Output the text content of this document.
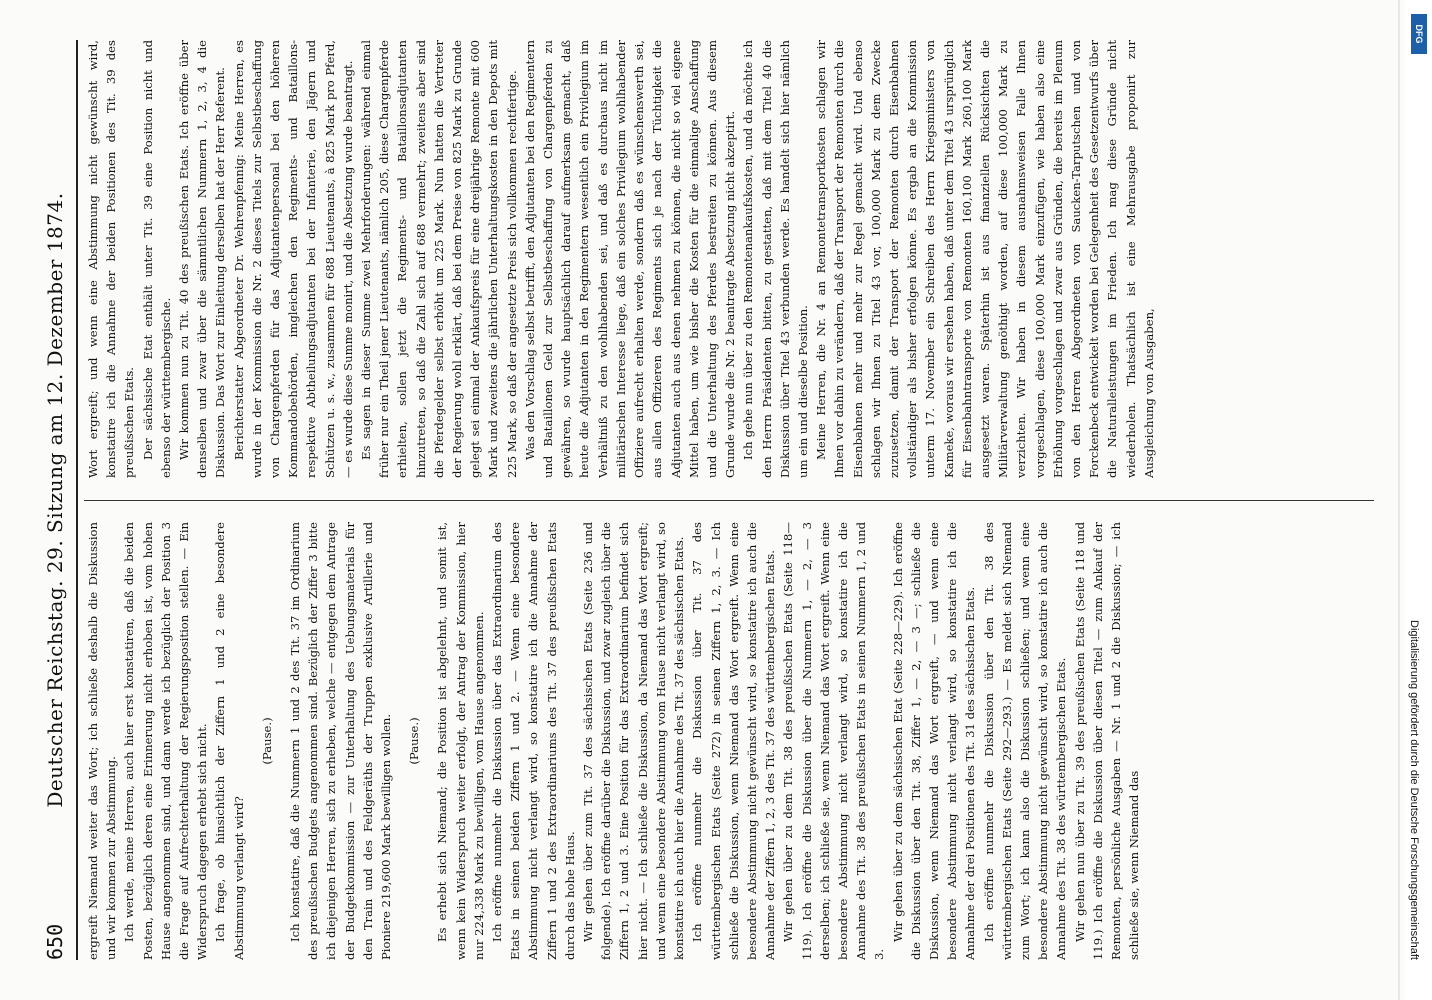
650
Deutscher Reichstag. 29. Sitzung am 12. Dezember 1874.	ergreift Niemand weiter das Wort; ich schließe deshalb die Diskussion und wir kommen zur Abstimmung. Ich werde, meine Herren, auch hier erst konstatiren, daß die beiden Posten, bezüglich deren eine Erinnerung nicht erhoben ist, vom hohen Hause angenommen sind, und dann werde ich bezüglich der Position 3 die Frage auf Aufrechterhaltung der Regierungsposition stellen. — Ein Widerspruch dagegen erhebt sich nicht. Ich frage, ob hinsichtlich der Ziffern 1 und 2 eine besondere Abstimmung verlangt wird?

(Pause.) Ich konstatire, daß die Nummern 1 und 2 des Tit. 37 im Ordinarium des preußischen Budgets angenommen sind. Bezüglich der Ziffer 3 bitte ich diejenigen Herren, sich zu erheben, welche — entgegen dem Antrage der Budgetkommission — zur Unterhaltung des Uebungsmaterials für den Train und des Feldgeräths der Truppen exklusive Artillerie und Pioniere 219,600 Mark bewilligen wollen. (Pause.) Es erhebt sich Niemand; die Position ist abgelehnt, und somit ist, wenn kein Widerspruch weiter erfolgt, der Antrag der Kommission, hier nur 224,338 Mark zu bewilligen, vom Hause angenommen. Ich eröffne nunmehr die Diskussion über das Extraordinarium des Etats in seinen beiden Ziffern 1 und 2. — Wenn eine besondere Abstimmung nicht verlangt wird, so konstatire ich die Annahme der Ziffern 1 und 2 des Extraordinariums des Tit. 37 des preußischen Etats durch das hohe Haus. Wir gehen über zum Tit. 37 des sächsischen Etats (Seite 236 und folgende). Ich eröffne darüber die Diskussion, und zwar zugleich über die Ziffern 1, 2 und 3. Eine Position für das Extraordinarium befindet sich hier nicht. — Ich schließe die Diskussion, da Niemand das Wort ergreift; und wenn eine besondere Abstimmung vom Hause nicht verlangt wird, so konstatire ich auch hier die Annahme des Tit. 37 des sächsischen Etats. Ich eröffne nunmehr die Diskussion über Tit. 37 des württembergischen Etats (Seite 272) in seinen Ziffern 1, 2, 3. — Ich schließe die Diskussion, wenn Niemand das Wort ergreift. Wenn eine besondere Abstimmung nicht gewünscht wird, so konstatire ich auch die Annahme der Ziffern 1, 2, 3 des Tit. 37 des württembergischen Etats. Wir gehen über zu dem Tit. 38 des preußischen Etats (Seite 118—119). Ich eröffne die Diskussion über die Nummern 1, — 2, — 3 derselben; ich schließe sie, wenn Niemand das Wort ergreift. Wenn eine besondere Abstimmung nicht verlangt wird, so konstatire ich die Annahme des Tit. 38 des preußischen Etats in seinen Nummern 1, 2 und 3.

Wir gehen über zu dem sächsischen Etat (Seite 228—229). Ich eröffne die Diskussion über den Tit. 38, Ziffer 1, — 2, — 3 —; schließe die Diskussion, wenn Niemand das Wort ergreift, — und wenn eine besondere Abstimmung nicht verlangt wird, so konstatire ich die Annahme der drei Positionen des Tit. 31 des sächsischen Etats. Ich eröffne nunmehr die Diskussion über den Tit. 38 des württembergischen Etats (Seite 292—293.) — Es meldet sich Niemand zum Wort; ich kann also die Diskussion schließen; und wenn eine besondere Abstimmung nicht gewünscht wird, so konstatire ich auch die Annahme des Tit. 38 des württembergischen Etats. Wir gehen nun über zu Tit. 39 des preußischen Etats (Seite 118 und 119.) Ich eröffne die Diskussion über diesen Titel — zum Ankauf der Remonten, persönliche Ausgaben — Nr. 1 und 2 die Diskussion; — ich schließe sie, wenn Niemand das

Wort ergreift; und wenn eine Abstimmung nicht gewünscht wird, konstatire ich die Annahme der beiden Positionen des Tit. 39 des preußischen Etats. Der sächsische Etat enthält unter Tit. 39 eine Position nicht und ebenso der württembergische. Wir kommen nun zu Tit. 40 des preußischen Etats. Ich eröffne über denselben und zwar über die sämmtlichen Nummern 1, 2, 3, 4 die Diskussion. Das Wort zur Einleitung derselben hat der Herr Referent. Berichterstatter Abgeordneter Dr. Wehrenpfennig: Meine Herren, es wurde in der Kommission die Nr. 2 dieses Titels zur Selbstbeschaffung von Chargenpferden für das Adjutantenpersonal bei den höheren Kommandobehörden, imgleichen den Regiments- und Bataillons- respektive Abtheilungsadjutanten bei der Infanterie, den Jägern und Schützen u. s. w., zusammen für 688 Lieutenants, à 825 Mark pro Pferd, — es wurde diese Summe monirt, und die Absetzung wurde beantragt. Es sagen in dieser Summe zwei Mehrforderungen: während einmal früher nur ein Theil jener Lieutenants, nämlich 205, diese Chargenpferde erhielten, sollen jetzt die Regiments- und Bataillonsadjutanten hinzutreten, so daß die Zahl sich auf 688 vermehrt; zweitens aber sind die Pferdegelder selbst erhöht um 225 Mark. Nun hatten die Vertreter der Regierung wohl erklärt, daß bei dem Preise von 825 Mark zu Grunde gelegt sei einmal der Ankaufspreis für eine dreijährige Remonte mit 600 Mark und zweitens die jährlichen Unterhaltungskosten in den Depots mit 225 Mark, so daß der angesetzte Preis sich vollkommen rechtfertige. Was den Vorschlag selbst betrifft, den Adjutanten bei den Regimentern und Bataillonen Geld zur Selbstbeschaffung von Chargenpferden zu gewähren, so wurde hauptsächlich darauf aufmerksam gemacht, daß heute die Adjutanten in den Regimentern wesentlich ein Privilegium im Verhältniß zu den wohlhabenden sei, und daß es durchaus nicht im militärischen Interesse liege, daß ein solches Privilegium wohlhabender Offiziere aufrecht erhalten werde, sondern daß es wünschenswerth sei, aus allen Offizieren des Regiments sich je nach der Tüchtigkeit die Adjutanten auch aus denen nehmen zu können, die nicht so viel eigene Mittel haben, um wie bisher die Kosten für die einmalige Anschaffung und die Unterhaltung des Pferdes bestreiten zu können. Aus diesem Grunde wurde die Nr. 2 beantragte Absetzung nicht akzeptirt. Ich gehe nun über zu den Remontenankaufskosten, und da möchte ich den Herrn Präsidenten bitten, zu gestatten, daß mit dem Titel 40 die Diskussion über Titel 43 verbunden werde. Es handelt sich hier nämlich um ein und dieselbe Position. Meine Herren, die Nr. 4 an Remontetransportkosten schlagen wir Ihnen vor dahin zu verändern, daß der Transport der Remonten durch die Eisenbahnen mehr und mehr zur Regel gemacht wird. Und ebenso schlagen wir Ihnen zu Titel 43 vor, 100,000 Mark zu dem Zwecke zuzusetzen, damit der Transport der Remonten durch Eisenbahnen vollständiger als bisher erfolgen könne. Es ergab an die Kommission unterm 17. November ein Schreiben des Herrn Kriegsministers von Kameke, woraus wir ersehen haben, daß unter dem Titel 43 ursprünglich für Eisenbahntransporte von Remonten 160,100 Mark 260,100 Mark ausgesetzt waren. Späterhin ist aus finanziellen Rücksichten die Militärverwaltung genöthigt worden, auf diese 100,000 Mark zu verzichten. Wir haben in diesem ausnahmsweisen Falle Ihnen vorgeschlagen, diese 100,000 Mark einzufügen, wie haben also eine Erhöhung vorgeschlagen und zwar aus Gründen, die bereits im Plenum von den Herren Abgeordneten von Saucken-Tarputschen und von Forckenbeck entwickelt worden bei Gelegenheit des Gesetzentwurfs über die Naturalleistungen im Frieden. Ich mag diese Gründe nicht wiederholen. Thatsächlich ist eine Mehrausgabe proponirt zur Ausgleichung von Ausgaben,

DFG
Digitalisierung gefördert durch die Deutsche Forschungsgemeinschaft
